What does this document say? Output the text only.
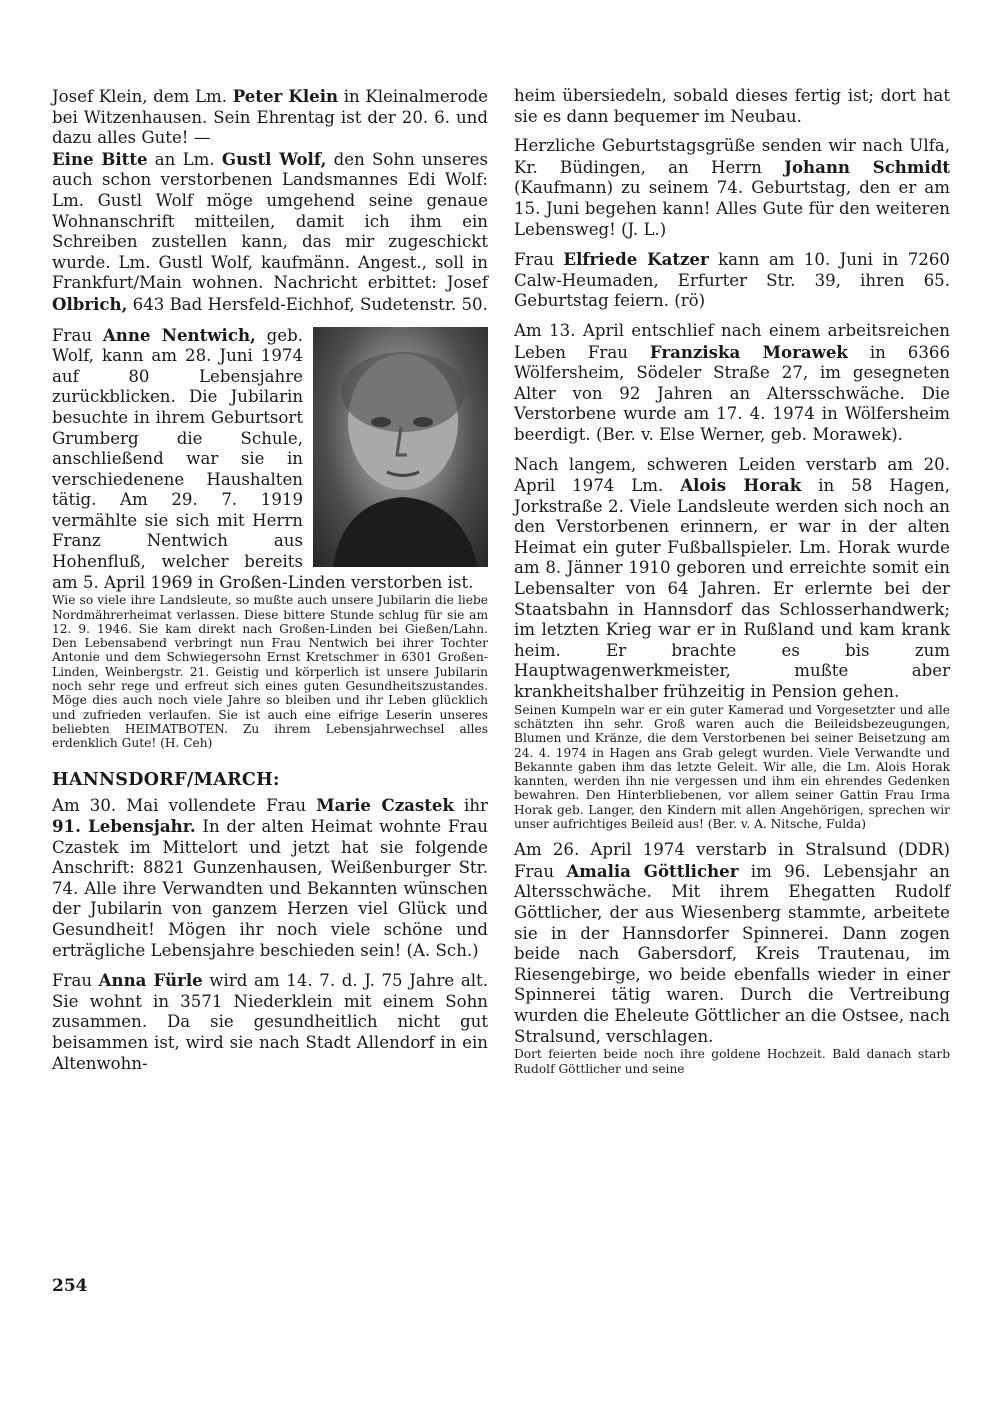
Josef Klein, dem Lm. Peter Klein in Kleinalmerode bei Witzenhausen. Sein Ehrentag ist der 20. 6. und dazu alles Gute! —
Eine Bitte an Lm. Gustl Wolf, den Sohn unseres auch schon verstorbenen Landsmannes Edi Wolf: Lm. Gustl Wolf möge umgehend seine genaue Wohnanschrift mitteilen, damit ich ihm ein Schreiben zustellen kann, das mir zugeschickt wurde. Lm. Gustl Wolf, kaufmänn. Angest., soll in Frankfurt/Main wohnen. Nachricht erbittet: Josef Olbrich, 643 Bad Hersfeld-Eichhof, Sudetenstr. 50.

Frau Anne Nentwich, geb. Wolf, kann am 28. Juni 1974 auf 80 Lebensjahre zurückblicken. Die Jubilarin besuchte in ihrem Geburtsort Grumberg die Schule, anschließend war sie in verschiedenene Haushalten tätig. Am 29. 7. 1919 vermählte sie sich mit Herrn Franz Nentwich aus Hohenfluß, welcher bereits am 5. April 1969 in Großen-Linden verstorben ist.

Wie so viele ihre Landsleute, so mußte auch unsere Jubilarin die liebe Nordmährerheimat verlassen. Diese bittere Stunde schlug für sie am 12. 9. 1946. Sie kam direkt nach Großen-Linden bei Gießen/Lahn. Den Lebensabend verbringt nun Frau Nentwich bei ihrer Tochter Antonie und dem Schwiegersohn Ernst Kretschmer in 6301 Großen-Linden, Weinbergstr. 21. Geistig und körperlich ist unsere Jubilarin noch sehr rege und erfreut sich eines guten Gesundheitszustandes. Möge dies auch noch viele Jahre so bleiben und ihr Leben glücklich und zufrieden verlaufen. Sie ist auch eine eifrige Leserin unseres beliebten HEIMATBOTEN. Zu ihrem Lebensjahrwechsel alles erdenklich Gute! (H. Ceh)

HANNSDORF/MARCH:

Am 30. Mai vollendete Frau Marie Czastek ihr 91. Lebensjahr. In der alten Heimat wohnte Frau Czastek im Mittelort und jetzt hat sie folgende Anschrift: 8821 Gunzenhausen, Weißenburger Str. 74. Alle ihre Verwandten und Bekannten wünschen der Jubilarin von ganzem Herzen viel Glück und Gesundheit! Mögen ihr noch viele schöne und erträgliche Lebensjahre beschieden sein! (A. Sch.)

Frau Anna Fürle wird am 14. 7. d. J. 75 Jahre alt. Sie wohnt in 3571 Niederklein mit einem Sohn zusammen. Da sie gesundheitlich nicht gut beisammen ist, wird sie nach Stadt Allendorf in ein Altenwohn-

heim übersiedeln, sobald dieses fertig ist; dort hat sie es dann bequemer im Neubau.

Herzliche Geburtstagsgrüße senden wir nach Ulfa, Kr. Büdingen, an Herrn Johann Schmidt (Kaufmann) zu seinem 74. Geburtstag, den er am 15. Juni begehen kann! Alles Gute für den weiteren Lebensweg! (J. L.)

Frau Elfriede Katzer kann am 10. Juni in 7260 Calw-Heumaden, Erfurter Str. 39, ihren 65. Geburtstag feiern. (rö)

Am 13. April entschlief nach einem arbeitsreichen Leben Frau Franziska Morawek in 6366 Wölfersheim, Södeler Straße 27, im gesegneten Alter von 92 Jahren an Altersschwäche. Die Verstorbene wurde am 17. 4. 1974 in Wölfersheim beerdigt. (Ber. v. Else Werner, geb. Morawek).

Nach langem, schweren Leiden verstarb am 20. April 1974 Lm. Alois Horak in 58 Hagen, Jorkstraße 2. Viele Landsleute werden sich noch an den Verstorbenen erinnern, er war in der alten Heimat ein guter Fußballspieler. Lm. Horak wurde am 8. Jänner 1910 geboren und erreichte somit ein Lebensalter von 64 Jahren. Er erlernte bei der Staatsbahn in Hannsdorf das Schlosserhandwerk; im letzten Krieg war er in Rußland und kam krank heim. Er brachte es bis zum Hauptwagenwerkmeister, mußte aber krankheitshalber frühzeitig in Pension gehen.

Seinen Kumpeln war er ein guter Kamerad und Vorgesetzter und alle schätzten ihn sehr. Groß waren auch die Beileidsbezeugungen, Blumen und Kränze, die dem Verstorbenen bei seiner Beisetzung am 24. 4. 1974 in Hagen ans Grab gelegt wurden. Viele Verwandte und Bekannte gaben ihm das letzte Geleit. Wir alle, die Lm. Alois Horak kannten, werden ihn nie vergessen und ihm ein ehrendes Gedenken bewahren. Den Hinterbliebenen, vor allem seiner Gattin Frau Irma Horak geb. Langer, den Kindern mit allen Angehörigen, sprechen wir unser aufrichtiges Beileid aus! (Ber. v. A. Nitsche, Fulda)

Am 26. April 1974 verstarb in Stralsund (DDR) Frau Amalia Göttlicher im 96. Lebensjahr an Altersschwäche. Mit ihrem Ehegatten Rudolf Göttlicher, der aus Wiesenberg stammte, arbeitete sie in der Hannsdorfer Spinnerei. Dann zogen beide nach Gabersdorf, Kreis Trautenau, im Riesengebirge, wo beide ebenfalls wieder in einer Spinnerei tätig waren. Durch die Vertreibung wurden die Eheleute Göttlicher an die Ostsee, nach Stralsund, verschlagen.

Dort feierten beide noch ihre goldene Hochzeit. Bald danach starb Rudolf Göttlicher und seine

254
